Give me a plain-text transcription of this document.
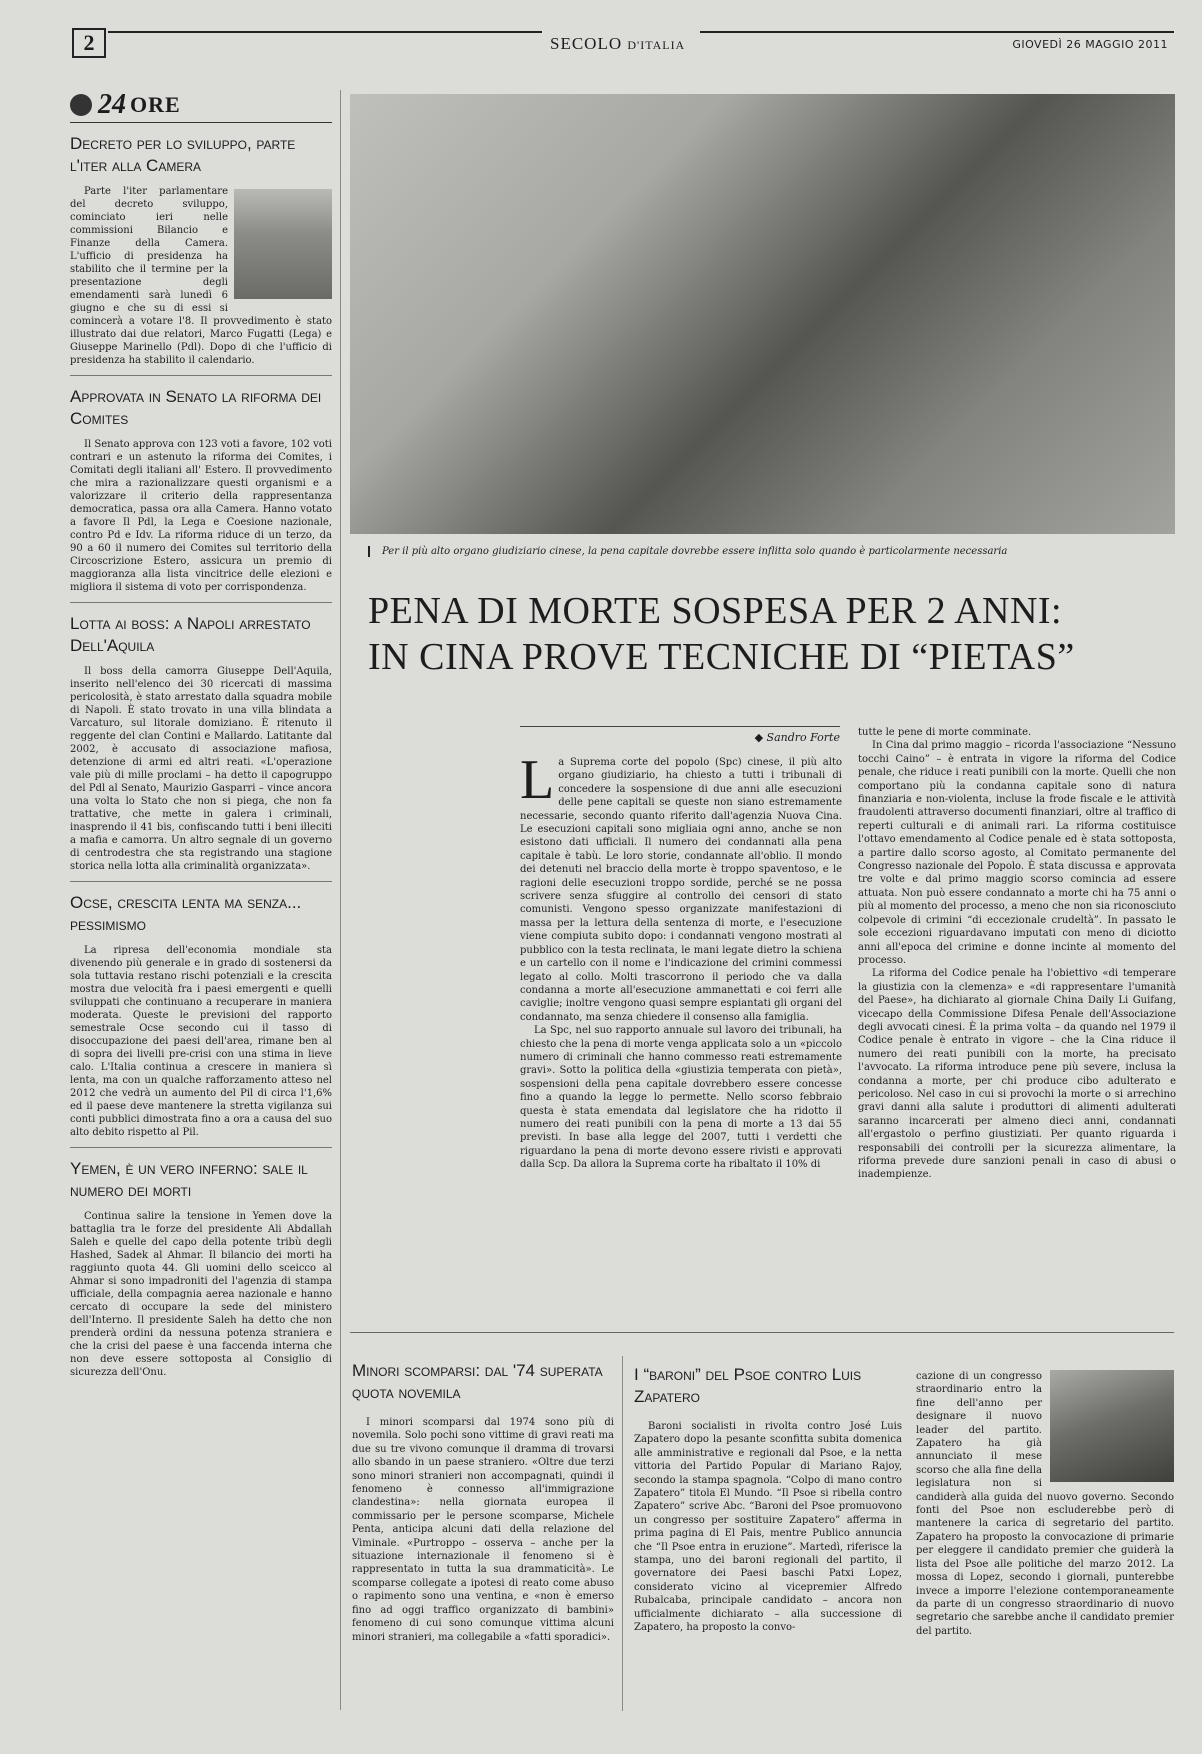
2	SECOLO D'ITALIA	GIOVEDÌ 26 MAGGIO 2011
24 ORE
Decreto per lo sviluppo, parte l'iter alla Camera

Parte l'iter parlamentare del decreto sviluppo, cominciato ieri nelle commissioni Bilancio e Finanze della Camera. L'ufficio di presidenza ha stabilito che il termine per la presentazione degli emendamenti sarà lunedì 6 giugno e che su di essi si comincerà a votare l'8. Il provvedimento è stato illustrato dai due relatori, Marco Fugatti (Lega) e Giuseppe Marinello (Pdl). Dopo di che l'ufficio di presidenza ha stabilito il calendario.

Approvata in Senato la riforma dei Comites

Il Senato approva con 123 voti a favore, 102 voti contrari e un astenuto la riforma dei Comites, i Comitati degli italiani all' Estero. Il provvedimento che mira a razionalizzare questi organismi e a valorizzare il criterio della rappresentanza democratica, passa ora alla Camera. Hanno votato a favore Il Pdl, la Lega e Coesione nazionale, contro Pd e Idv. La riforma riduce di un terzo, da 90 a 60 il numero dei Comites sul territorio della Circoscrizione Estero, assicura un premio di maggioranza alla lista vincitrice delle elezioni e migliora il sistema di voto per corrispondenza.

Lotta ai boss: a Napoli arrestato Dell'Aquila

Il boss della camorra Giuseppe Dell'Aquila, inserito nell'elenco dei 30 ricercati di massima pericolosità, è stato arrestato dalla squadra mobile di Napoli. È stato trovato in una villa blindata a Varcaturo, sul litorale domiziano. È ritenuto il reggente del clan Contini e Mallardo. Latitante dal 2002, è accusato di associazione mafiosa, detenzione di armi ed altri reati. «L'operazione vale più di mille proclami – ha detto il capogruppo del Pdl al Senato, Maurizio Gasparri – vince ancora una volta lo Stato che non si piega, che non fa trattative, che mette in galera i criminali, inasprendo il 41 bis, confiscando tutti i beni illeciti a mafia e camorra. Un altro segnale di un governo di centrodestra che sta registrando una stagione storica nella lotta alla criminalità organizzata».

Ocse, crescita lenta ma senza... pessimismo

La ripresa dell'economia mondiale sta divenendo più generale e in grado di sostenersi da sola tuttavia restano rischi potenziali e la crescita mostra due velocità fra i paesi emergenti e quelli sviluppati che continuano a recuperare in maniera moderata. Queste le previsioni del rapporto semestrale Ocse secondo cui il tasso di disoccupazione dei paesi dell'area, rimane ben al di sopra dei livelli pre-crisi con una stima in lieve calo. L'Italia continua a crescere in maniera sì lenta, ma con un qualche rafforzamento atteso nel 2012 che vedrà un aumento del Pil di circa l'1,6% ed il paese deve mantenere la stretta vigilanza sui conti pubblici dimostrata fino a ora a causa del suo alto debito rispetto al Pil.

Yemen, è un vero inferno: sale il numero dei morti

Continua salire la tensione in Yemen dove la battaglia tra le forze del presidente Ali Abdallah Saleh e quelle del capo della potente tribù degli Hashed, Sadek al Ahmar. Il bilancio dei morti ha raggiunto quota 44. Gli uomini dello sceicco al Ahmar si sono impadroniti del l'agenzia di stampa ufficiale, della compagnia aerea nazionale e hanno cercato di occupare la sede del ministero dell'Interno. Il presidente Saleh ha detto che non prenderà ordini da nessuna potenza straniera e che la crisi del paese è una faccenda interna che non deve essere sottoposta al Consiglio di sicurezza dell'Onu.

Per il più alto organo giudiziario cinese, la pena capitale dovrebbe essere inflitta solo quando è particolarmente necessaria
PENA DI MORTE SOSPESA PER 2 ANNI:
IN CINA PROVE TECNICHE DI “PIETAS”
◆ Sandro Forte
L a Suprema corte del popolo (Spc) cinese, il più alto organo giudiziario, ha chiesto a tutti i tribunali di concedere la sospensione di due anni alle esecuzioni delle pene capitali se queste non siano estremamente necessarie, secondo quanto riferito dall'agenzia Nuova Cina. Le esecuzioni capitali sono migliaia ogni anno, anche se non esistono dati ufficiali. Il numero dei condannati alla pena capitale è tabù. Le loro storie, condannate all'oblio. Il mondo dei detenuti nel braccio della morte è troppo spaventoso, e le ragioni delle esecuzioni troppo sordide, perché se ne possa scrivere senza sfuggire al controllo dei censori di stato comunisti. Vengono spesso organizzate manifestazioni di massa per la lettura della sentenza di morte, e l'esecuzione viene compiuta subito dopo: i condannati vengono mostrati al pubblico con la testa reclinata, le mani legate dietro la schiena e un cartello con il nome e l'indicazione del crimini commessi legato al collo. Molti trascorrono il periodo che va dalla condanna a morte all'esecuzione ammanettati e coi ferri alle caviglie; inoltre vengono quasi sempre espiantati gli organi del condannato, ma senza chiedere il consenso alla famiglia.

La Spc, nel suo rapporto annuale sul lavoro dei tribunali, ha chiesto che la pena di morte venga applicata solo a un «piccolo numero di criminali che hanno commesso reati estremamente gravi». Sotto la politica della «giustizia temperata con pietà», sospensioni della pena capitale dovrebbero essere concesse fino a quando la legge lo permette. Nello scorso febbraio questa è stata emendata dal legislatore che ha ridotto il numero dei reati punibili con la pena di morte a 13 dai 55 previsti. In base alla legge del 2007, tutti i verdetti che riguardano la pena di morte devono essere rivisti e approvati dalla Scp. Da allora la Suprema corte ha ribaltato il 10% di

tutte le pene di morte comminate.

In Cina dal primo maggio – ricorda l'associazione “Nessuno tocchi Caino” – è entrata in vigore la riforma del Codice penale, che riduce i reati punibili con la morte. Quelli che non comportano più la condanna capitale sono di natura finanziaria e non-violenta, incluse la frode fiscale e le attività fraudolenti attraverso documenti finanziari, oltre al traffico di reperti culturali e di animali rari. La riforma costituisce l'ottavo emendamento al Codice penale ed è stata sottoposta, a partire dallo scorso agosto, al Comitato permanente del Congresso nazionale del Popolo. È stata discussa e approvata tre volte e dal primo maggio scorso comincia ad essere attuata. Non può essere condannato a morte chi ha 75 anni o più al momento del processo, a meno che non sia riconosciuto colpevole di crimini “di eccezionale crudeltà”. In passato le sole eccezioni riguardavano imputati con meno di diciotto anni all'epoca del crimine e donne incinte al momento del processo.

La riforma del Codice penale ha l'obiettivo «di temperare la giustizia con la clemenza» e «di rappresentare l'umanità del Paese», ha dichiarato al giornale China Daily Li Guifang, vicecapo della Commissione Difesa Penale dell'Associazione degli avvocati cinesi. È la prima volta – da quando nel 1979 il Codice penale è entrato in vigore – che la Cina riduce il numero dei reati punibili con la morte, ha precisato l'avvocato. La riforma introduce pene più severe, inclusa la condanna a morte, per chi produce cibo adulterato e pericoloso. Nel caso in cui si provochi la morte o si arrechino gravi danni alla salute i produttori di alimenti adulterati saranno incarcerati per almeno dieci anni, condannati all'ergastolo o perfino giustiziati. Per quanto riguarda i responsabili dei controlli per la sicurezza alimentare, la riforma prevede dure sanzioni penali in caso di abusi o inadempienze.

Minori scomparsi: dal '74 superata quota novemila

I minori scomparsi dal 1974 sono più di novemila. Solo pochi sono vittime di gravi reati ma due su tre vivono comunque il dramma di trovarsi allo sbando in un paese straniero. «Oltre due terzi sono minori stranieri non accompagnati, quindi il fenomeno è connesso all'immigrazione clandestina»: nella giornata europea il commissario per le persone scomparse, Michele Penta, anticipa alcuni dati della relazione del Viminale. «Purtroppo – osserva – anche per la situazione internazionale il fenomeno si è rappresentato in tutta la sua drammaticità». Le scomparse collegate a ipotesi di reato come abuso o rapimento sono una ventina, e «non è emerso fino ad oggi traffico organizzato di bambini» fenomeno di cui sono comunque vittima alcuni minori stranieri, ma collegabile a «fatti sporadici».

I “baroni” del Psoe contro Luis Zapatero

Baroni socialisti in rivolta contro José Luis Zapatero dopo la pesante sconfitta subita domenica alle amministrative e regionali dal Psoe, e la netta vittoria del Partido Popular di Mariano Rajoy, secondo la stampa spagnola. “Colpo di mano contro Zapatero” titola El Mundo. “Il Psoe si ribella contro Zapatero” scrive Abc. “Baroni del Psoe promuovono un congresso per sostituire Zapatero” afferma in prima pagina di El Pais, mentre Publico annuncia che “Il Psoe entra in eruzione”. Martedì, riferisce la stampa, uno dei baroni regionali del partito, il governatore dei Paesi baschi Patxi Lopez, considerato vicino al vicepremier Alfredo Rubalcaba, principale candidato – ancora non ufficialmente dichiarato – alla successione di Zapatero, ha proposto la convo-

cazione di un congresso straordinario entro la fine dell'anno per designare il nuovo leader del partito. Zapatero ha già annunciato il mese scorso che alla fine della legislatura non si candiderà alla guida del nuovo governo. Secondo fonti del Psoe non escluderebbe però di mantenere la carica di segretario del partito. Zapatero ha proposto la convocazione di primarie per eleggere il candidato premier che guiderà la lista del Psoe alle politiche del marzo 2012. La mossa di Lopez, secondo i giornali, punterebbe invece a imporre l'elezione contemporaneamente da parte di un congresso straordinario di nuovo segretario che sarebbe anche il candidato premier del partito.
